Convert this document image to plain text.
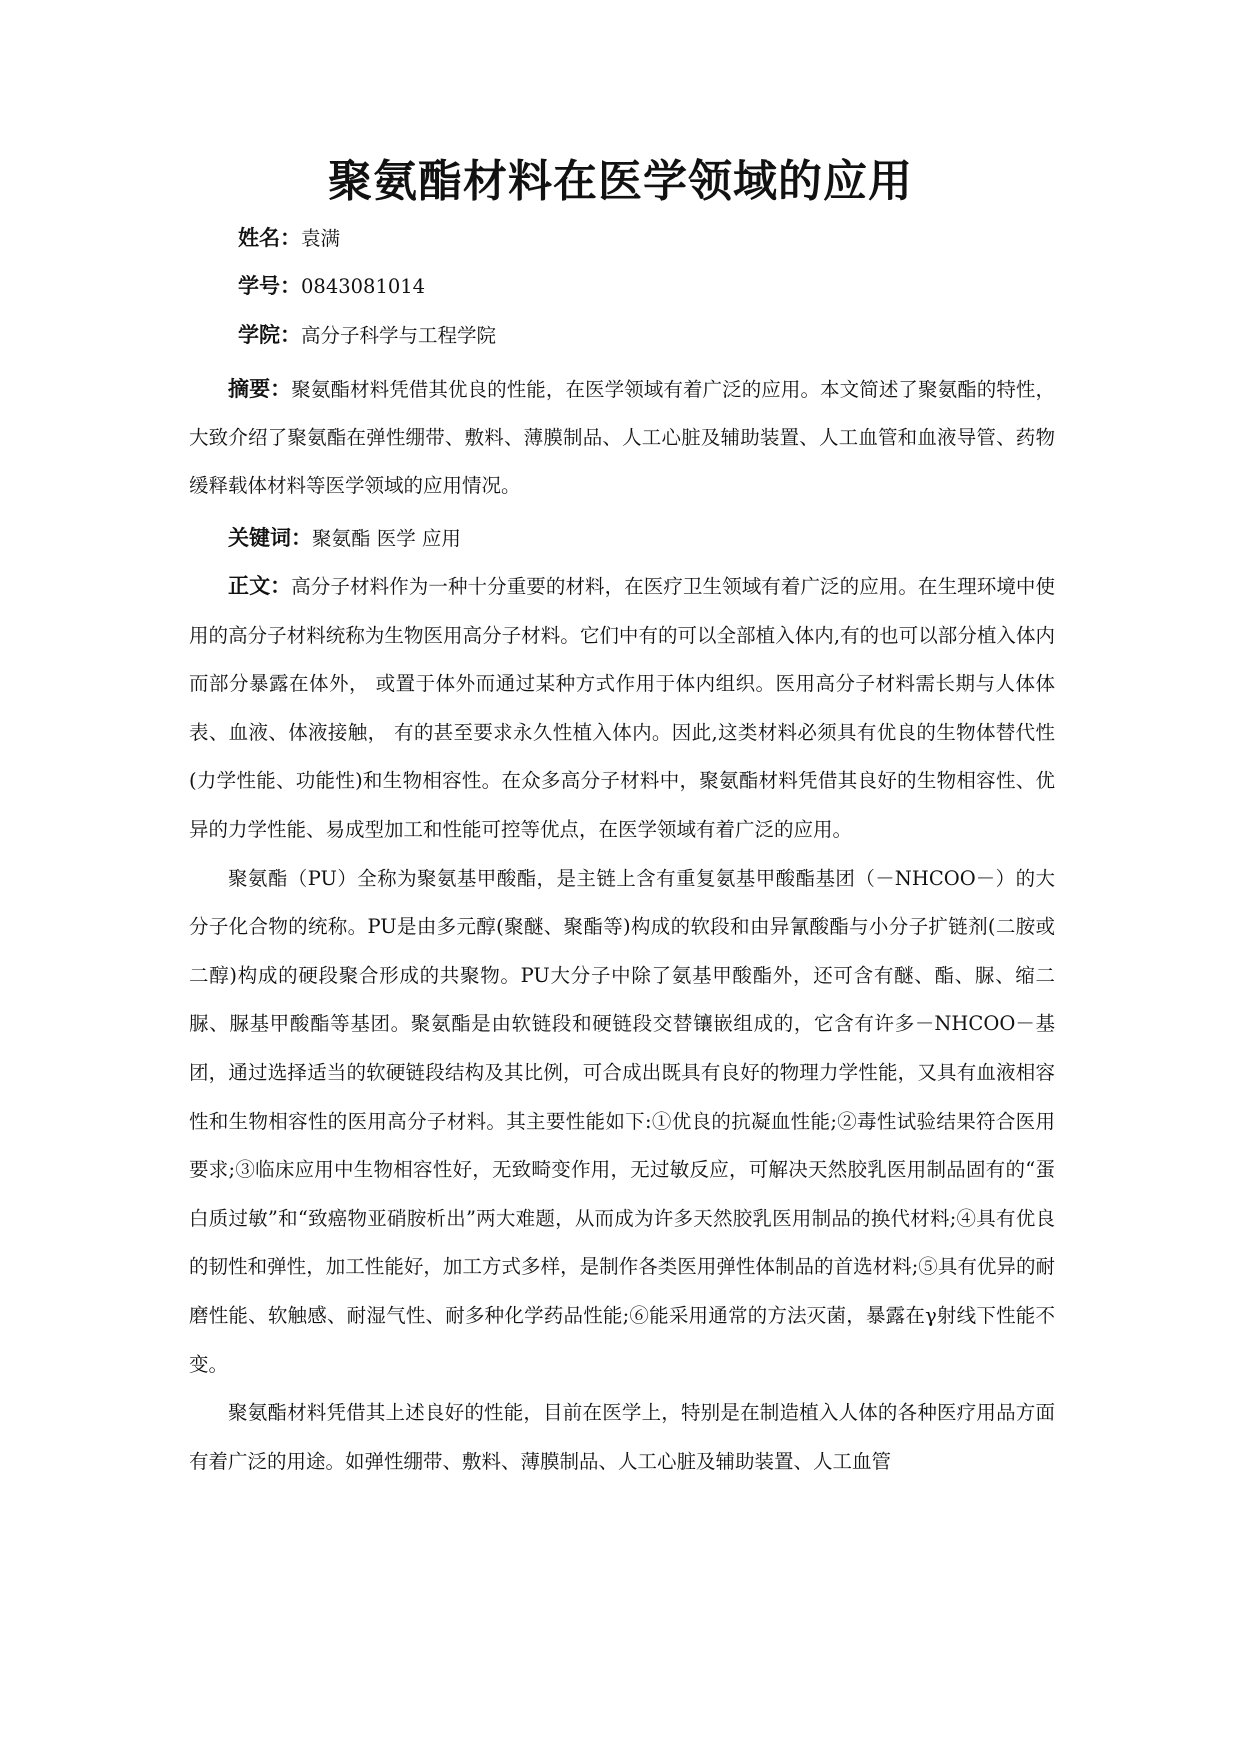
聚氨酯材料在医学领域的应用
姓名：袁满
学号：0843081014
学院：高分子科学与工程学院

摘要：聚氨酯材料凭借其优良的性能，在医学领域有着广泛的应用。本文简述了聚氨酯的特性，大致介绍了聚氨酯在弹性绷带、敷料、薄膜制品、人工心脏及辅助装置、人工血管和血液导管、药物缓释载体材料等医学领域的应用情况。

关键词：聚氨酯 医学 应用

正文：高分子材料作为一种十分重要的材料，在医疗卫生领域有着广泛的应用。在生理环境中使用的高分子材料统称为生物医用高分子材料。它们中有的可以全部植入体内,有的也可以部分植入体内而部分暴露在体外， 或置于体外而通过某种方式作用于体内组织。医用高分子材料需长期与人体体表、血液、体液接触， 有的甚至要求永久性植入体内。因此,这类材料必须具有优良的生物体替代性(力学性能、功能性)和生物相容性。在众多高分子材料中，聚氨酯材料凭借其良好的生物相容性、优异的力学性能、易成型加工和性能可控等优点，在医学领域有着广泛的应用。

聚氨酯（PU）全称为聚氨基甲酸酯，是主链上含有重复氨基甲酸酯基团（－NHCOO－）的大分子化合物的统称。PU是由多元醇(聚醚、聚酯等)构成的软段和由异氰酸酯与小分子扩链剂(二胺或二醇)构成的硬段聚合形成的共聚物。PU大分子中除了氨基甲酸酯外，还可含有醚、酯、脲、缩二脲、脲基甲酸酯等基团。聚氨酯是由软链段和硬链段交替镶嵌组成的，它含有许多－NHCOO－基团，通过选择适当的软硬链段结构及其比例，可合成出既具有良好的物理力学性能，又具有血液相容性和生物相容性的医用高分子材料。其主要性能如下:①优良的抗凝血性能;②毒性试验结果符合医用要求;③临床应用中生物相容性好，无致畸变作用，无过敏反应，可解决天然胶乳医用制品固有的“蛋白质过敏”和“致癌物亚硝胺析出”两大难题，从而成为许多天然胶乳医用制品的换代材料;④具有优良的韧性和弹性，加工性能好，加工方式多样，是制作各类医用弹性体制品的首选材料;⑤具有优异的耐磨性能、软触感、耐湿气性、耐多种化学药品性能;⑥能采用通常的方法灭菌，暴露在γ射线下性能不变。

聚氨酯材料凭借其上述良好的性能，目前在医学上，特别是在制造植入人体的各种医疗用品方面有着广泛的用途。如弹性绷带、敷料、薄膜制品、人工心脏及辅助装置、人工血管
